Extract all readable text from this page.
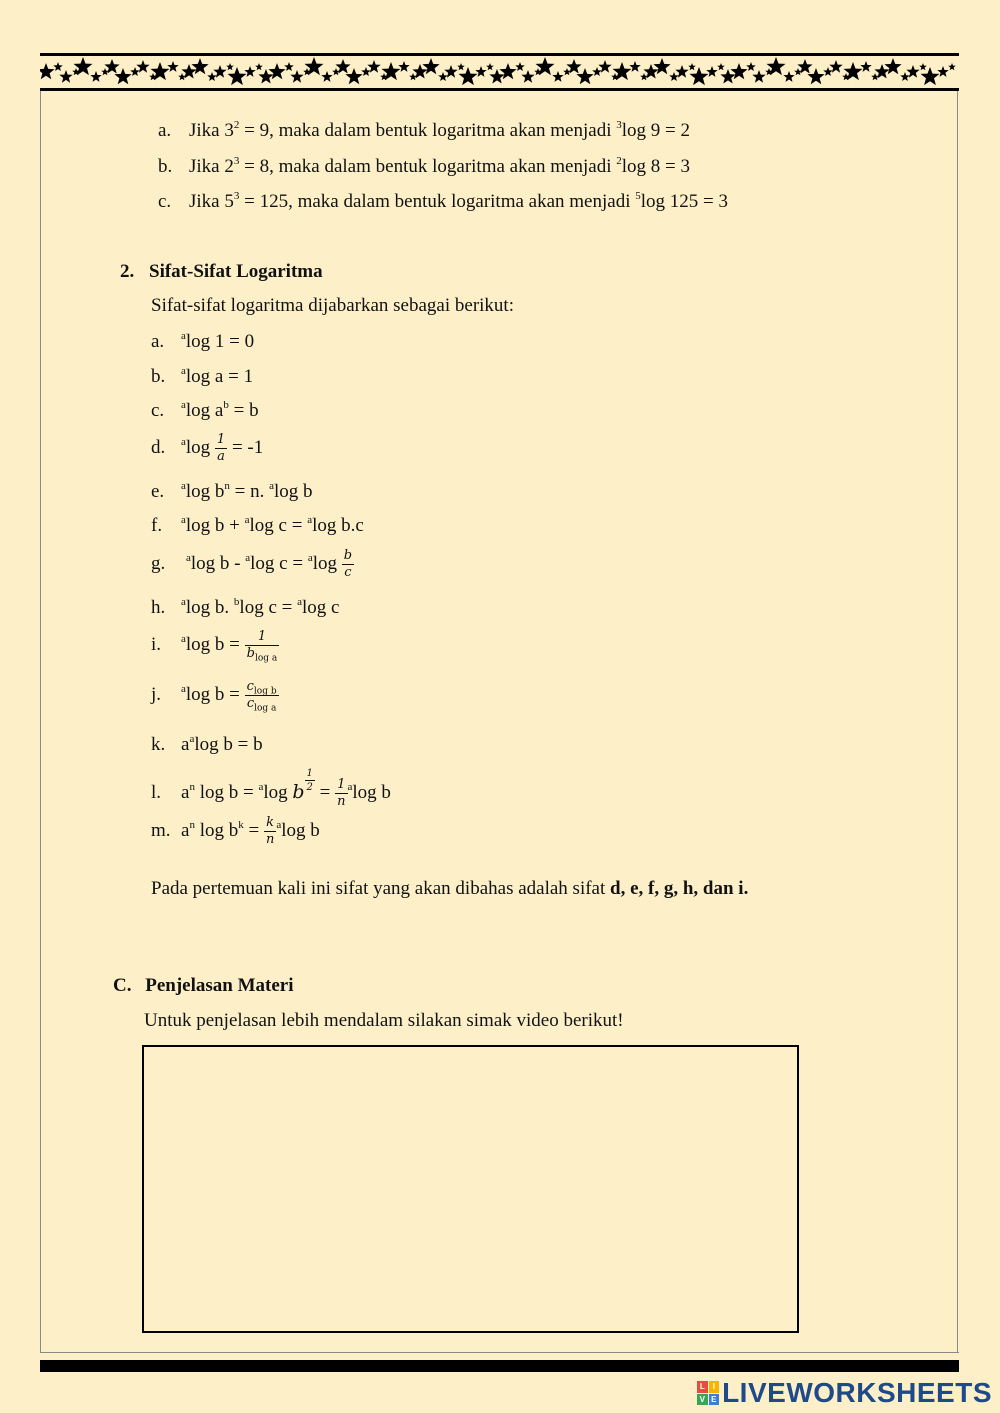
a. Jika $3^2 = 9$, maka dalam bentuk logaritma akan menjadi $^3$log 9 = 2
b. Jika $2^3 = 8$, maka dalam bentuk logaritma akan menjadi $^2$log 8 = 3
c. Jika $5^3 = 125$, maka dalam bentuk logaritma akan menjadi $^5$log 125 = 3
2. Sifat-Sifat Logaritma
Sifat-sifat logaritma dijabarkan sebagai berikut:
a. $^a$log 1 = 0
b. $^a$log a = 1
c. $^a$log $a^b = b$
d. $^a\log \frac{1}{a} = -1$
e. $^a$log $b^n = n$. $^a$log b
f. $^a$log b + $^a$log c = $^a$log b.c
g. $^a$log b - $^a$log $c = ^a\log \frac{b}{c}$
h. $^a$log b. $^b$log c = $^a$log c
i. $^a$log $b = \frac{1}{b_{log a}}$
j. $^a$log $b = \frac{c_{log b}}{c_{log a}}$
k. $a^a\log$ b = b
l. $a^n$ log b = $^a$log b $\frac{1}{2} = \frac{1}{n} ^a\log$ b
m. $a^n$ $\log b^k = \frac{k}{n} ^a\log$ b
Pada pertemuan kali ini sifat yang akan dibahas adalah sifat d, e, f, g, h, dan i.
C. Penjelasan Materi
Untuk penjelasan lebih mendalam silakan simak video berikut!
L I
V E LIVEWORKSHEETS
